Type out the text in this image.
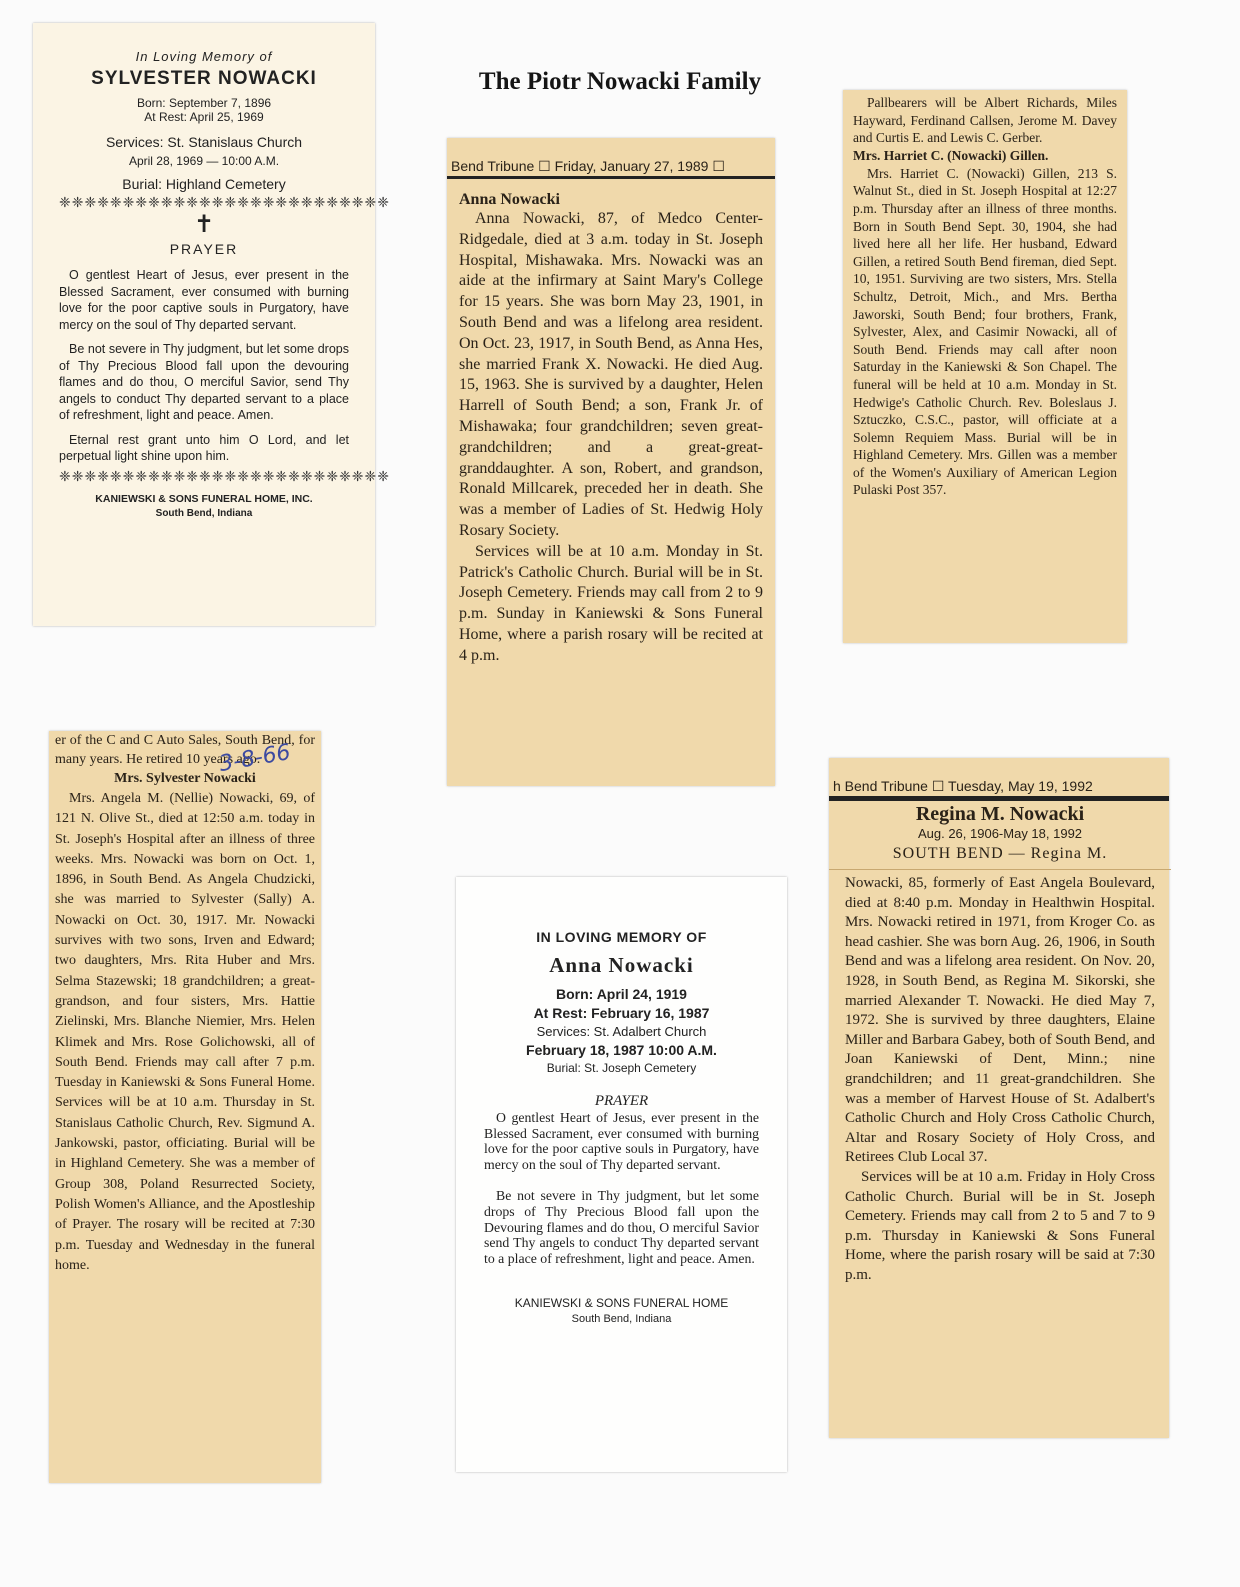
The Piotr Nowacki Family

In Loving Memory of

SYLVESTER NOWACKI

Born: September 7, 1896

At Rest: April 25, 1969

Services: St. Stanislaus Church

April 28, 1969 — 10:00 A.M.

Burial: Highland Cemetery

❈❈❈❈❈❈❈❈❈❈❈❈❈❈❈❈❈❈❈❈❈❈❈❈❈❈

✝

PRAYER

O gentlest Heart of Jesus, ever present in the Blessed Sacrament, ever consumed with burning love for the poor captive souls in Purgatory, have mercy on the soul of Thy departed servant.

Be not severe in Thy judgment, but let some drops of Thy Precious Blood fall upon the devouring flames and do thou, O merciful Savior, send Thy angels to conduct Thy departed servant to a place of refreshment, light and peace. Amen.

Eternal rest grant unto him O Lord, and let perpetual light shine upon him.

❈❈❈❈❈❈❈❈❈❈❈❈❈❈❈❈❈❈❈❈❈❈❈❈❈❈

KANIEWSKI & SONS FUNERAL HOME, INC.

South Bend, Indiana

Bend Tribune ☐ Friday, January 27, 1989 ☐

Anna Nowacki

Anna Nowacki, 87, of Medco Center-Ridgedale, died at 3 a.m. today in St. Joseph Hospital, Mishawaka. Mrs. Nowacki was an aide at the infirmary at Saint Mary's College for 15 years. She was born May 23, 1901, in South Bend and was a lifelong area resident. On Oct. 23, 1917, in South Bend, as Anna Hes, she married Frank X. Nowacki. He died Aug. 15, 1963. She is survived by a daughter, Helen Harrell of South Bend; a son, Frank Jr. of Mishawaka; four grandchildren; seven great-grandchildren; and a great-great-granddaughter. A son, Robert, and grandson, Ronald Millcarek, preceded her in death. She was a member of Ladies of St. Hedwig Holy Rosary Society.

Services will be at 10 a.m. Monday in St. Patrick's Catholic Church. Burial will be in St. Joseph Cemetery. Friends may call from 2 to 9 p.m. Sunday in Kaniewski & Sons Funeral Home, where a parish rosary will be recited at 4 p.m.

Pallbearers will be Albert Richards, Miles Hayward, Ferdinand Callsen, Jerome M. Davey and Curtis E. and Lewis C. Gerber.

Mrs. Harriet C. (Nowacki) Gillen.

Mrs. Harriet C. (Nowacki) Gillen, 213 S. Walnut St., died in St. Joseph Hospital at 12:27 p.m. Thursday after an illness of three months. Born in South Bend Sept. 30, 1904, she had lived here all her life. Her husband, Edward Gillen, a retired South Bend fireman, died Sept. 10, 1951. Surviving are two sisters, Mrs. Stella Schultz, Detroit, Mich., and Mrs. Bertha Jaworski, South Bend; four brothers, Frank, Sylvester, Alex, and Casimir Nowacki, all of South Bend. Friends may call after noon Saturday in the Kaniewski & Son Chapel. The funeral will be held at 10 a.m. Monday in St. Hedwige's Catholic Church. Rev. Boleslaus J. Sztuczko, C.S.C., pastor, will officiate at a Solemn Requiem Mass. Burial will be in Highland Cemetery. Mrs. Gillen was a member of the Women's Auxiliary of American Legion Pulaski Post 357.

er of the C and C Auto Sales, South Bend, for many years. He retired 10 years ago.

Mrs. Sylvester Nowacki

Mrs. Angela M. (Nellie) Nowacki, 69, of 121 N. Olive St., died at 12:50 a.m. today in St. Joseph's Hospital after an illness of three weeks. Mrs. Nowacki was born on Oct. 1, 1896, in South Bend. As Angela Chudzicki, she was married to Sylvester (Sally) A. Nowacki on Oct. 30, 1917. Mr. Nowacki survives with two sons, Irven and Edward; two daughters, Mrs. Rita Huber and Mrs. Selma Stazewski; 18 grandchildren; a great-grandson, and four sisters, Mrs. Hattie Zielinski, Mrs. Blanche Niemier, Mrs. Helen Klimek and Mrs. Rose Golichowski, all of South Bend. Friends may call after 7 p.m. Tuesday in Kaniewski & Sons Funeral Home. Services will be at 10 a.m. Thursday in St. Stanislaus Catholic Church, Rev. Sigmund A. Jankowski, pastor, officiating. Burial will be in Highland Cemetery. She was a member of Group 308, Poland Resurrected Society, Polish Women's Alliance, and the Apostleship of Prayer. The rosary will be recited at 7:30 p.m. Tuesday and Wednesday in the funeral home.

3-8-66

IN LOVING MEMORY OF

Anna Nowacki

Born: April 24, 1919

At Rest: February 16, 1987

Services: St. Adalbert Church

February 18, 1987 10:00 A.M.

Burial: St. Joseph Cemetery

PRAYER

O gentlest Heart of Jesus, ever present in the Blessed Sacrament, ever consumed with burning love for the poor captive souls in Purgatory, have mercy on the soul of Thy departed servant.

Be not severe in Thy judgment, but let some drops of Thy Precious Blood fall upon the Devouring flames and do thou, O merciful Savior send Thy angels to conduct Thy departed servant to a place of refreshment, light and peace. Amen.

KANIEWSKI & SONS FUNERAL HOME

South Bend, Indiana

h Bend Tribune ☐ Tuesday, May 19, 1992

Regina M. Nowacki

Aug. 26, 1906-May 18, 1992

SOUTH BEND — Regina M.

Nowacki, 85, formerly of East Angela Boulevard, died at 8:40 p.m. Monday in Healthwin Hospital. Mrs. Nowacki retired in 1971, from Kroger Co. as head cashier. She was born Aug. 26, 1906, in South Bend and was a lifelong area resident. On Nov. 20, 1928, in South Bend, as Regina M. Sikorski, she married Alexander T. Nowacki. He died May 7, 1972. She is survived by three daughters, Elaine Miller and Barbara Gabey, both of South Bend, and Joan Kaniewski of Dent, Minn.; nine grandchildren; and 11 great-grandchildren. She was a member of Harvest House of St. Adalbert's Catholic Church and Holy Cross Catholic Church, Altar and Rosary Society of Holy Cross, and Retirees Club Local 37.

Services will be at 10 a.m. Friday in Holy Cross Catholic Church. Burial will be in St. Joseph Cemetery. Friends may call from 2 to 5 and 7 to 9 p.m. Thursday in Kaniewski & Sons Funeral Home, where the parish rosary will be said at 7:30 p.m.
